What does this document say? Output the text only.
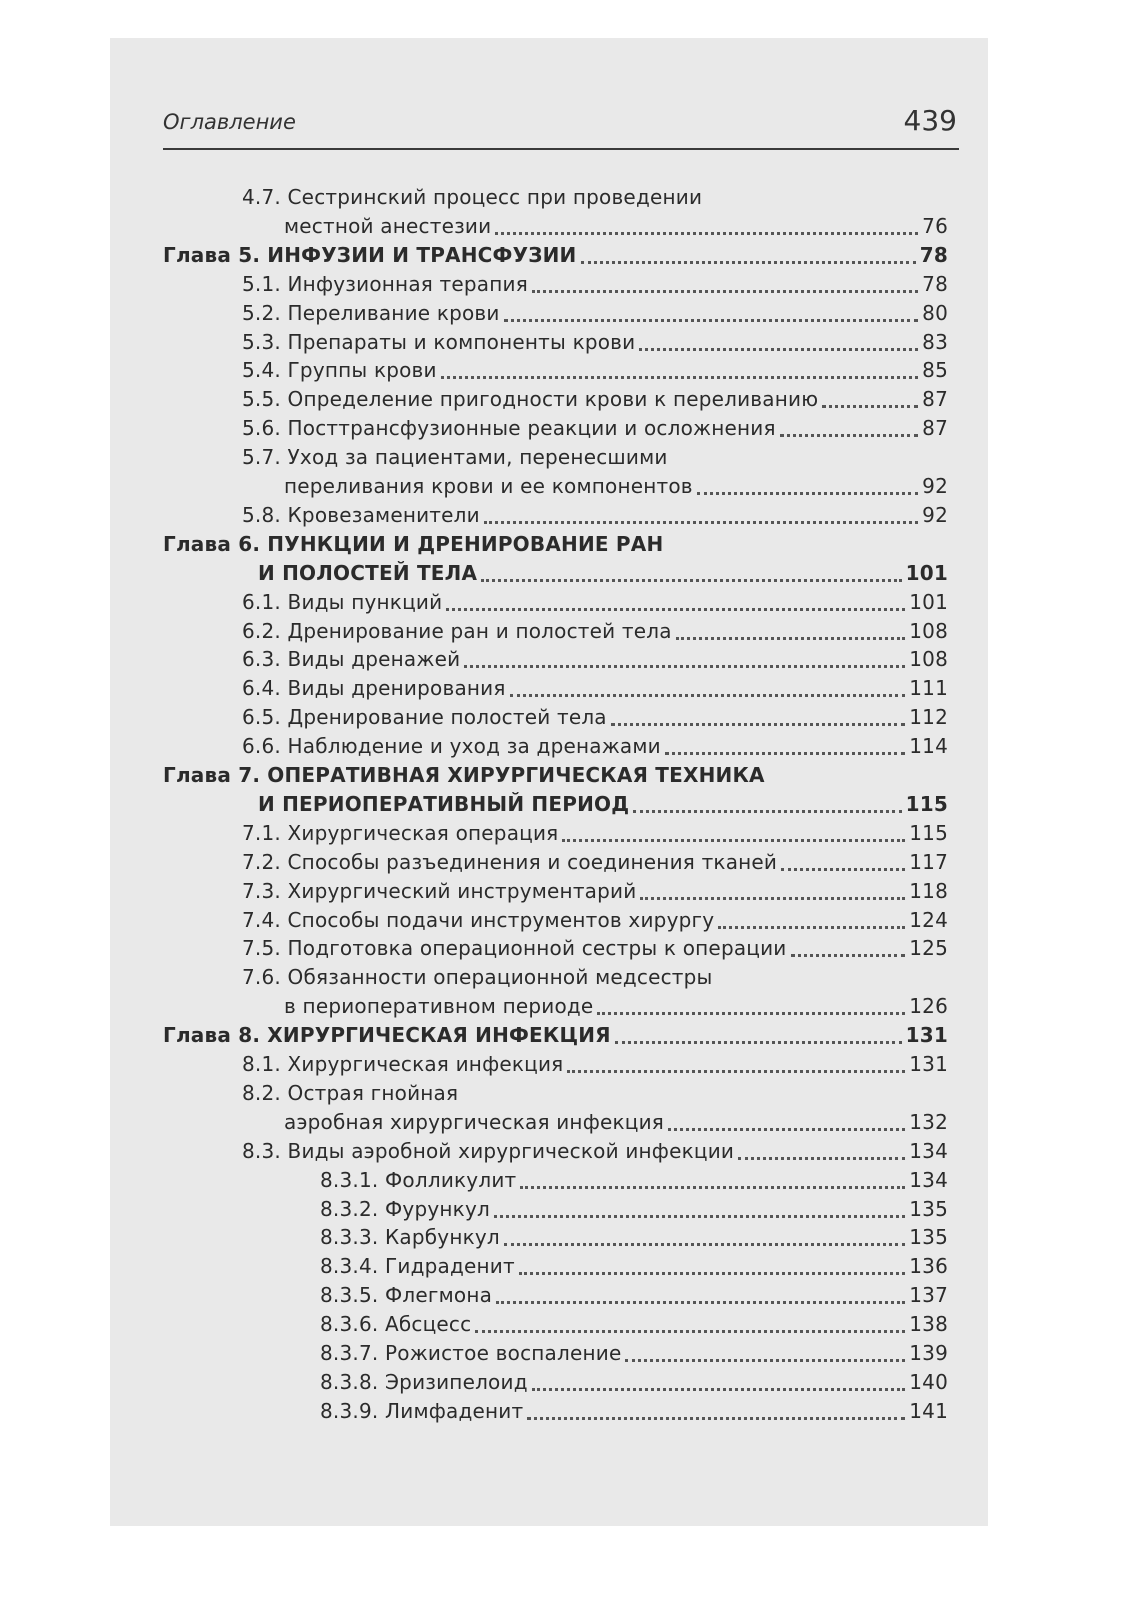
Оглавление	439
4.7. Сестринский процесс при проведении
местной анестезии	76
Глава 5. ИНФУЗИИ И ТРАНСФУЗИИ	78
5.1. Инфузионная терапия	78
5.2. Переливание крови	80
5.3. Препараты и компоненты крови	83
5.4. Группы крови	85
5.5. Определение пригодности крови к переливанию	87
5.6. Посттрансфузионные реакции и осложнения	87
5.7. Уход за пациентами, перенесшими
переливания крови и ее компонентов	92
5.8. Кровезаменители	92
Глава 6. ПУНКЦИИ И ДРЕНИРОВАНИЕ РАН
И ПОЛОСТЕЙ ТЕЛА	101
6.1. Виды пункций	101
6.2. Дренирование ран и полостей тела	108
6.3. Виды дренажей	108
6.4. Виды дренирования	111
6.5. Дренирование полостей тела	112
6.6. Наблюдение и уход за дренажами	114
Глава 7. ОПЕРАТИВНАЯ ХИРУРГИЧЕСКАЯ ТЕХНИКА
И ПЕРИОПЕРАТИВНЫЙ ПЕРИОД	115
7.1. Хирургическая операция	115
7.2. Способы разъединения и соединения тканей	117
7.3. Хирургический инструментарий	118
7.4. Способы подачи инструментов хирургу	124
7.5. Подготовка операционной сестры к операции	125
7.6. Обязанности операционной медсестры
в периоперативном периоде	126
Глава 8. ХИРУРГИЧЕСКАЯ ИНФЕКЦИЯ	131
8.1. Хирургическая инфекция	131
8.2. Острая гнойная
аэробная хирургическая инфекция	132
8.3. Виды аэробной хирургической инфекции	134
8.3.1. Фолликулит	134
8.3.2. Фурункул	135
8.3.3. Карбункул	135
8.3.4. Гидраденит	136
8.3.5. Флегмона	137
8.3.6. Абсцесс	138
8.3.7. Рожистое воспаление	139
8.3.8. Эризипелоид	140
8.3.9. Лимфаденит	141
